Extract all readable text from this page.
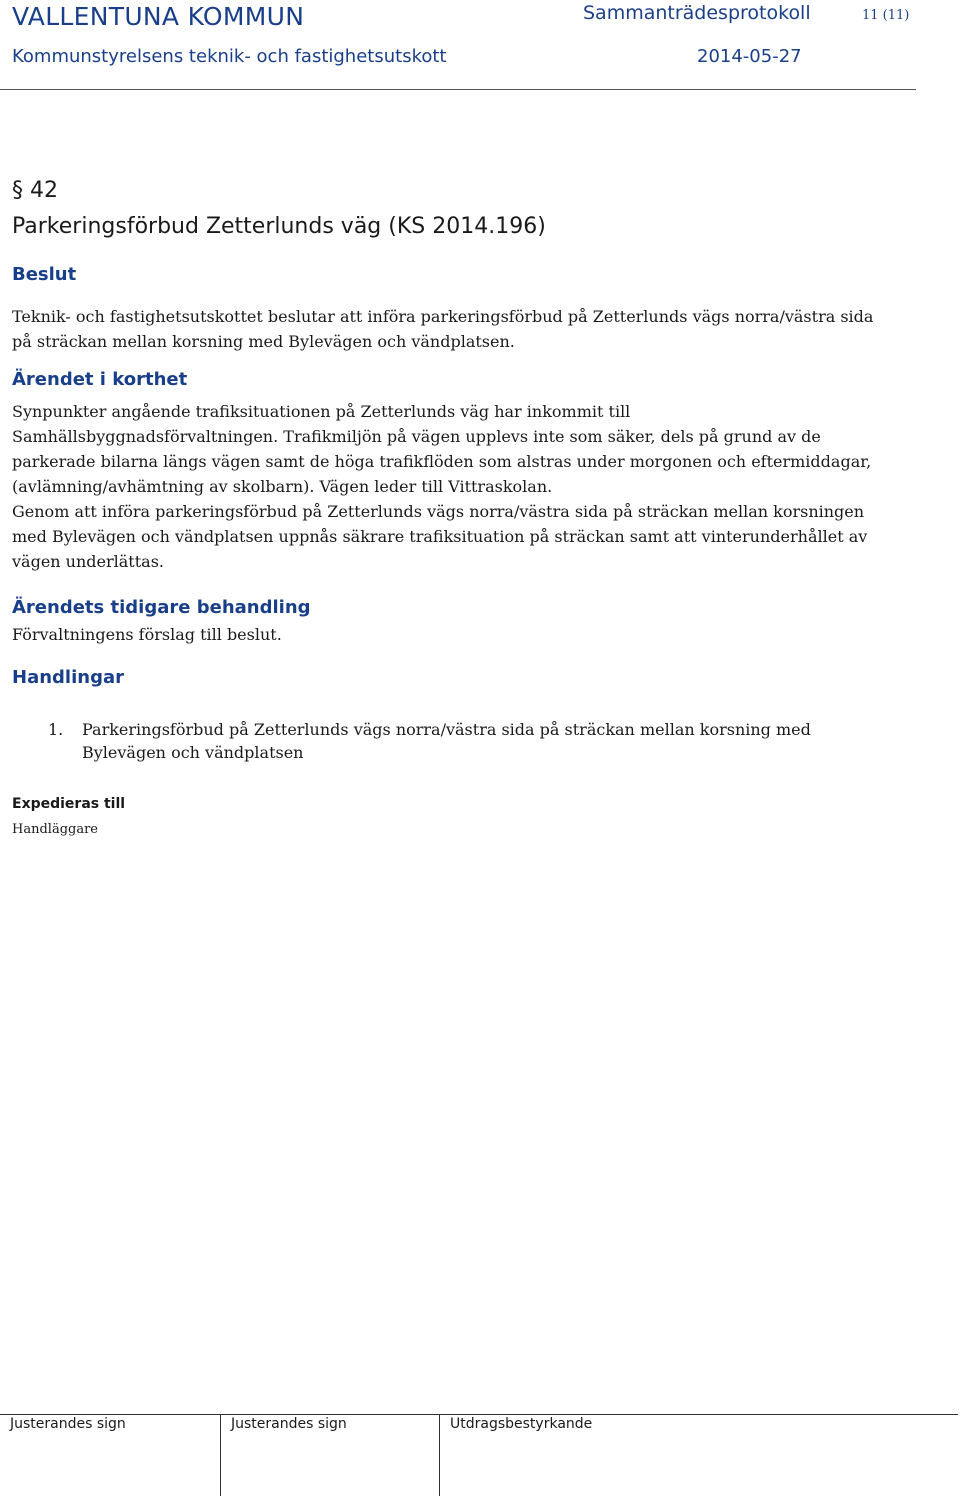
VALLENTUNA KOMMUN	Sammanträdesprotokoll	11 (11)
Kommunstyrelsens teknik- och fastighetsutskott	2014-05-27
§ 42
Parkeringsförbud Zetterlunds väg (KS 2014.196)
Beslut
Teknik- och fastighetsutskottet beslutar att införa parkeringsförbud på Zetterlunds vägs norra/västra sida på sträckan mellan korsning med Bylevägen och vändplatsen.
Ärendet i korthet
Synpunkter angående trafiksituationen på Zetterlunds väg har inkommit till Samhällsbyggnadsförvaltningen. Trafikmiljön på vägen upplevs inte som säker, dels på grund av de parkerade bilarna längs vägen samt de höga trafikflöden som alstras under morgonen och eftermiddagar, (avlämning/avhämtning av skolbarn). Vägen leder till Vittraskolan.
Genom att införa parkeringsförbud på Zetterlunds vägs norra/västra sida på sträckan mellan korsningen med Bylevägen och vändplatsen uppnås säkrare trafiksituation på sträckan samt att vinterunderhållet av vägen underlättas.
Ärendets tidigare behandling
Förvaltningens förslag till beslut.
Handlingar
1. Parkeringsförbud på Zetterlunds vägs norra/västra sida på sträckan mellan korsning med Bylevägen och vändplatsen
Expedieras till
Handläggare
Justerandes sign	Justerandes sign	Utdragsbestyrkande
